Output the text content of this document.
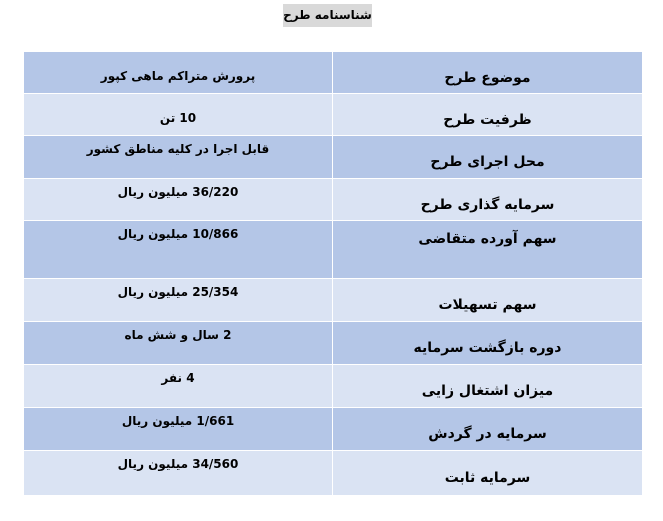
شناسنامه طرح
موضوع طرح	پرورش متراکم ماهی کپور

ظرفیت طرح	10 تن

محل اجرای طرح	قابل اجرا در کلیه مناطق کشور

سرمایه گذاری طرح	36/220 میلیون ریال

سهم آورده متقاضی	10/866 میلیون ریال

سهم تسهیلات	25/354 میلیون ریال

دوره بازگشت سرمایه	2 سال و شش ماه

میزان اشتغال زایی	4 نفر

سرمایه در گردش	1/661 میلیون ریال

سرمایه ثابت	34/560 میلیون ریال
